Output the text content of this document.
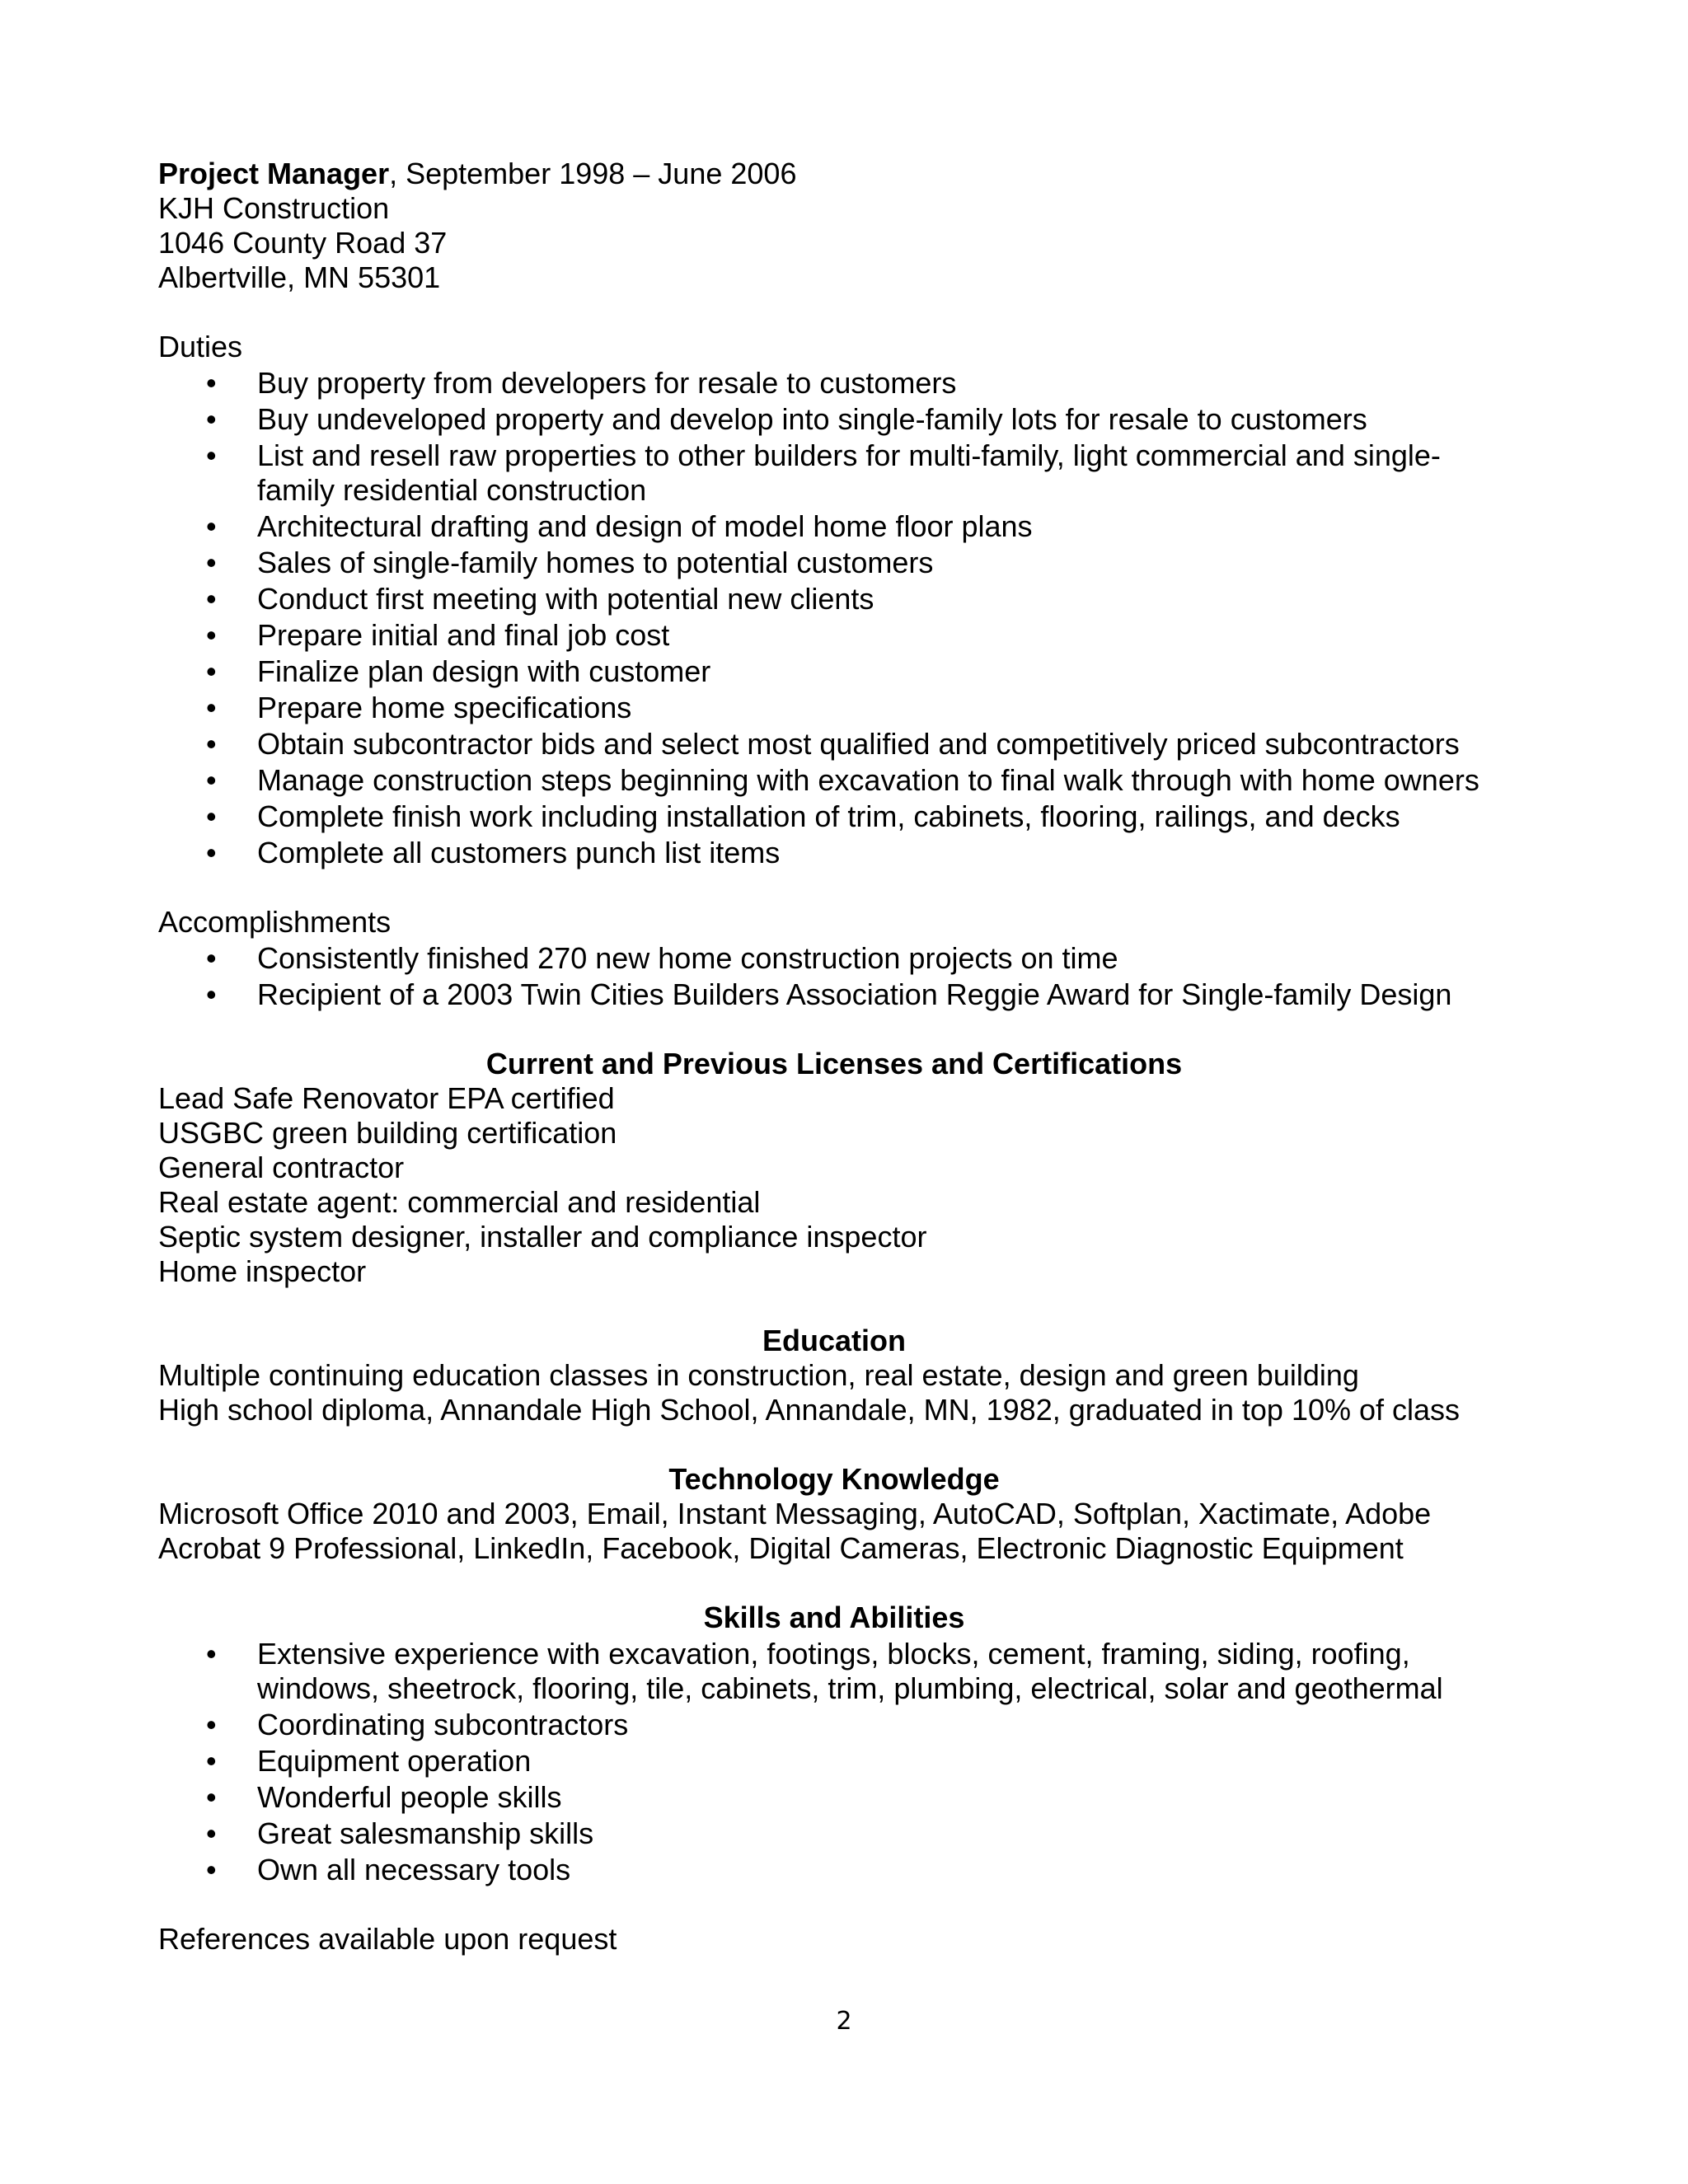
Project Manager, September 1998 – June 2006
KJH Construction
1046 County Road 37
Albertville, MN 55301
Duties
• Buy property from developers for resale to customers
• Buy undeveloped property and develop into single-family lots for resale to customers
• List and resell raw properties to other builders for multi-family, light commercial and single-family residential construction
• Architectural drafting and design of model home floor plans
• Sales of single-family homes to potential customers
• Conduct first meeting with potential new clients
• Prepare initial and final job cost
• Finalize plan design with customer
• Prepare home specifications
• Obtain subcontractor bids and select most qualified and competitively priced subcontractors
• Manage construction steps beginning with excavation to final walk through with home owners
• Complete finish work including installation of trim, cabinets, flooring, railings, and decks
• Complete all customers punch list items
Accomplishments
• Consistently finished 270 new home construction projects on time
• Recipient of a 2003 Twin Cities Builders Association Reggie Award for Single-family Design
Current and Previous Licenses and Certifications
Lead Safe Renovator EPA certified
USGBC green building certification
General contractor
Real estate agent: commercial and residential
Septic system designer, installer and compliance inspector
Home inspector
Education
Multiple continuing education classes in construction, real estate, design and green building
High school diploma, Annandale High School, Annandale, MN, 1982, graduated in top 10% of class
Technology Knowledge
Microsoft Office 2010 and 2003, Email, Instant Messaging, AutoCAD, Softplan, Xactimate, Adobe Acrobat 9 Professional, LinkedIn, Facebook, Digital Cameras, Electronic Diagnostic Equipment
Skills and Abilities
• Extensive experience with excavation, footings, blocks, cement, framing, siding, roofing, windows, sheetrock, flooring, tile, cabinets, trim, plumbing, electrical, solar and geothermal
• Coordinating subcontractors
• Equipment operation
• Wonderful people skills
• Great salesmanship skills
• Own all necessary tools
References available upon request
2
